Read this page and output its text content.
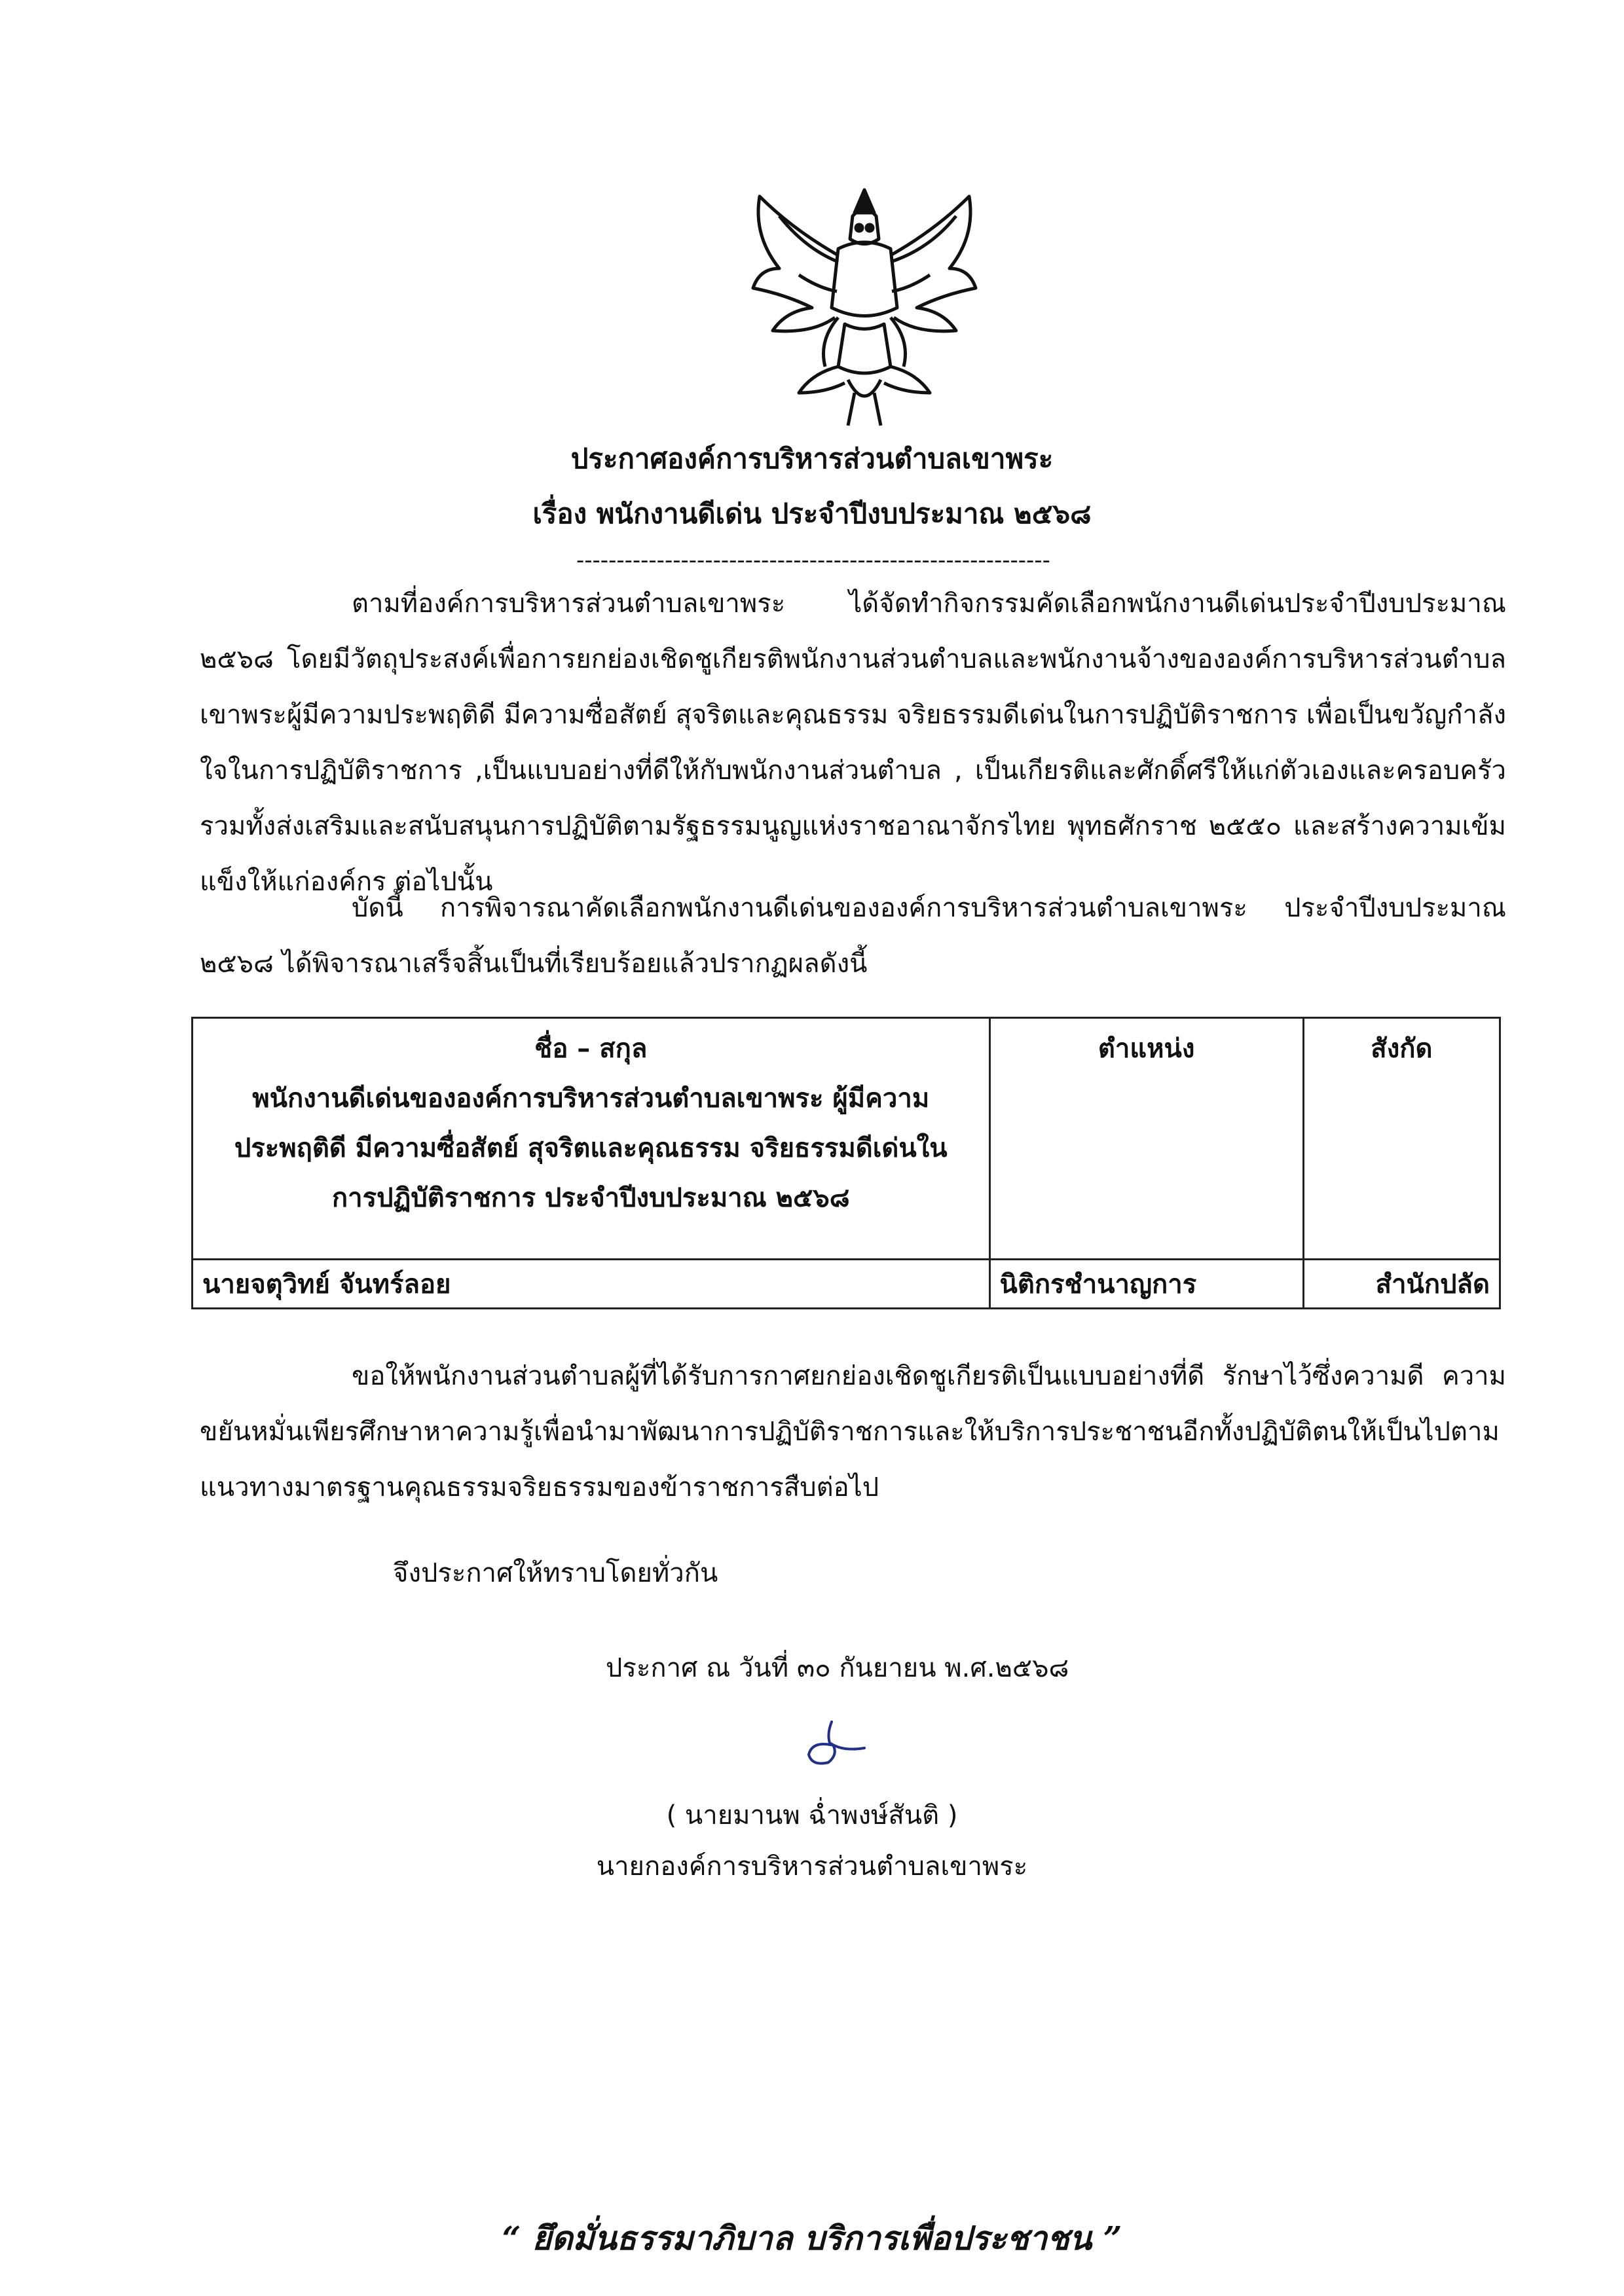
ประกาศองค์การบริหารส่วนตำบลเขาพระ
เรื่อง พนักงานดีเด่น ประจำปีงบประมาณ ๒๕๖๘
-----------------------------------------------------------
ตามที่องค์การบริหารส่วนตำบลเขาพระ ได้จัดทำกิจกรรมคัดเลือกพนักงานดีเด่นประจำปีงบประมาณ ๒๕๖๘ โดยมีวัตถุประสงค์เพื่อการยกย่องเชิดชูเกียรติพนักงานส่วนตำบลและพนักงานจ้างขององค์การบริหารส่วนตำบลเขาพระผู้มีความประพฤติดี มีความซื่อสัตย์ สุจริตและคุณธรรม จริยธรรมดีเด่นในการปฏิบัติราชการ เพื่อเป็นขวัญกำลังใจในการปฏิบัติราชการ ,เป็นแบบอย่างที่ดีให้กับพนักงานส่วนตำบล , เป็นเกียรติและศักดิ์ศรีให้แก่ตัวเองและครอบครัว รวมทั้งส่งเสริมและสนับสนุนการปฏิบัติตามรัฐธรรมนูญแห่งราชอาณาจักรไทย พุทธศักราช ๒๕๕๐ และสร้างความเข้มแข็งให้แก่องค์กร ต่อไปนั้น
บัดนี้ การพิจารณาคัดเลือกพนักงานดีเด่นขององค์การบริหารส่วนตำบลเขาพระ ประจำปีงบประมาณ ๒๕๖๘ ได้พิจารณาเสร็จสิ้นเป็นที่เรียบร้อยแล้วปรากฏผลดังนี้
ชื่อ – สกุล
พนักงานดีเด่นขององค์การบริหารส่วนตำบลเขาพระ ผู้มีความประพฤติดี มีความซื่อสัตย์ สุจริตและคุณธรรม จริยธรรมดีเด่นในการปฏิบัติราชการ ประจำปีงบประมาณ ๒๕๖๘	ตำแหน่ง	สังกัด
นายจตุวิทย์ จันทร์ลอย	นิติกรชำนาญการ	สำนักปลัด
ขอให้พนักงานส่วนตำบลผู้ที่ได้รับการกาศยกย่องเชิดชูเกียรติเป็นแบบอย่างที่ดี รักษาไว้ซึ่งความดี ความขยันหมั่นเพียรศึกษาหาความรู้เพื่อนำมาพัฒนาการปฏิบัติราชการและให้บริการประชาชนอีกทั้งปฏิบัติตนให้เป็นไปตามแนวทางมาตรฐานคุณธรรมจริยธรรมของข้าราชการสืบต่อไป
จึงประกาศให้ทราบโดยทั่วกัน
ประกาศ ณ วันที่ ๓๐ กันยายน พ.ศ.๒๕๖๘
( นายมานพ ฉ่ำพงษ์สันติ )
นายกองค์การบริหารส่วนตำบลเขาพระ
“ ยึดมั่นธรรมาภิบาล บริการเพื่อประชาชน ”
